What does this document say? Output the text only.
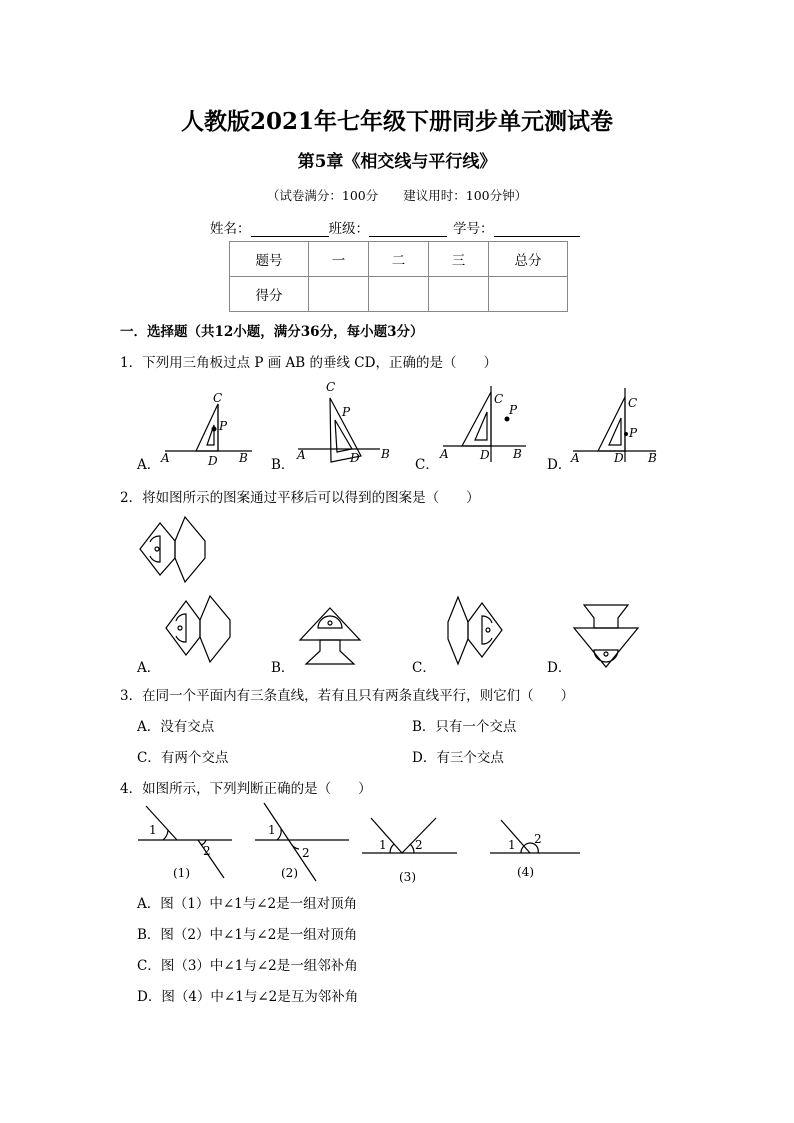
人教版2021年七年级下册同步单元测试卷
第5章《相交线与平行线》
（试卷满分：100分　　建议用时：100分钟）
姓名：	班级：	学号：
题号	一	二	三	总分
得分				
一．选择题（共12小题，满分36分，每小题3分）
1．下列用三角板过点 P 画 AB 的垂线 CD，正确的是（　　）
A．	B．	C．	D．
C
P
A	D B
C
P
A	D B
C
P
A	D B
C
P
A	D B
2．将如图所示的图案通过平移后可以得到的图案是（　　）
A．	B．	C．	D．
3．在同一个平面内有三条直线，若有且只有两条直线平行，则它们（　　）
A．没有交点	B．只有一个交点
C．有两个交点	D．有三个交点
4．如图所示，下列判断正确的是（　　）
1
2
(1)
1
2
(2)
1 2
(3)
1 2
(4)
A．图（1）中∠1与∠2是一组对顶角
B．图（2）中∠1与∠2是一组对顶角
C．图（3）中∠1与∠2是一组邻补角
D．图（4）中∠1与∠2是互为邻补角
